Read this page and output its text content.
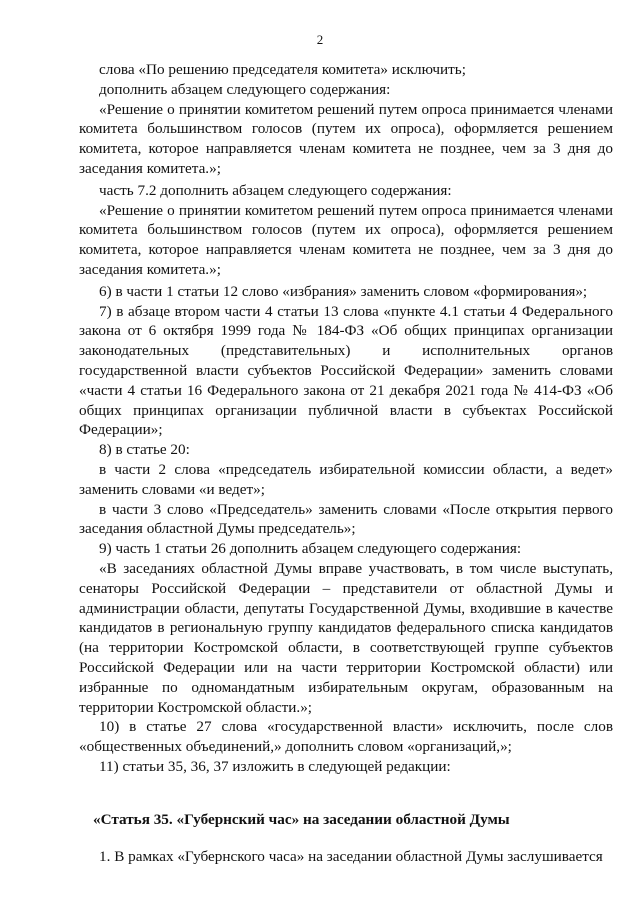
2

слова «По решению председателя комитета» исключить;

дополнить абзацем следующего содержания:

«Решение о принятии комитетом решений путем опроса принимается членами комитета большинством голосов (путем их опроса), оформляется решением комитета, которое направляется членам комитета не позднее, чем за 3 дня до заседания комитета.»;

часть 7.2 дополнить абзацем следующего содержания:

«Решение о принятии комитетом решений путем опроса принимается членами комитета большинством голосов (путем их опроса), оформляется решением комитета, которое направляется членам комитета не позднее, чем за 3 дня до заседания комитета.»;

6) в части 1 статьи 12 слово «избрания» заменить словом «формирования»;

7) в абзаце втором части 4 статьи 13 слова «пункте 4.1 статьи 4 Федерального закона от 6 октября 1999 года № 184-ФЗ «Об общих принципах организации законодательных (представительных) и исполнительных органов государственной власти субъектов Российской Федерации» заменить словами «части 4 статьи 16 Федерального закона от 21 декабря 2021 года № 414-ФЗ «Об общих принципах организации публичной власти в субъектах Российской Федерации»;

8) в статье 20:

в части 2 слова «председатель избирательной комиссии области, а ведет» заменить словами «и ведет»;

в части 3 слово «Председатель» заменить словами «После открытия первого заседания областной Думы председатель»;

9) часть 1 статьи 26 дополнить абзацем следующего содержания:

«В заседаниях областной Думы вправе участвовать, в том числе выступать, сенаторы Российской Федерации – представители от областной Думы и администрации области, депутаты Государственной Думы, входившие в качестве кандидатов в региональную группу кандидатов федерального списка кандидатов (на территории Костромской области, в соответствующей группе субъектов Российской Федерации или на части территории Костромской области) или избранные по одномандатным избирательным округам, образованным на территории Костромской области.»;

10) в статье 27 слова «государственной власти» исключить, после слов «общественных объединений,» дополнить словом «организаций,»;

11) статьи 35, 36, 37 изложить в следующей редакции:

«Статья 35. «Губернский час» на заседании областной Думы

1. В рамках «Губернского часа» на заседании областной Думы заслушивается
